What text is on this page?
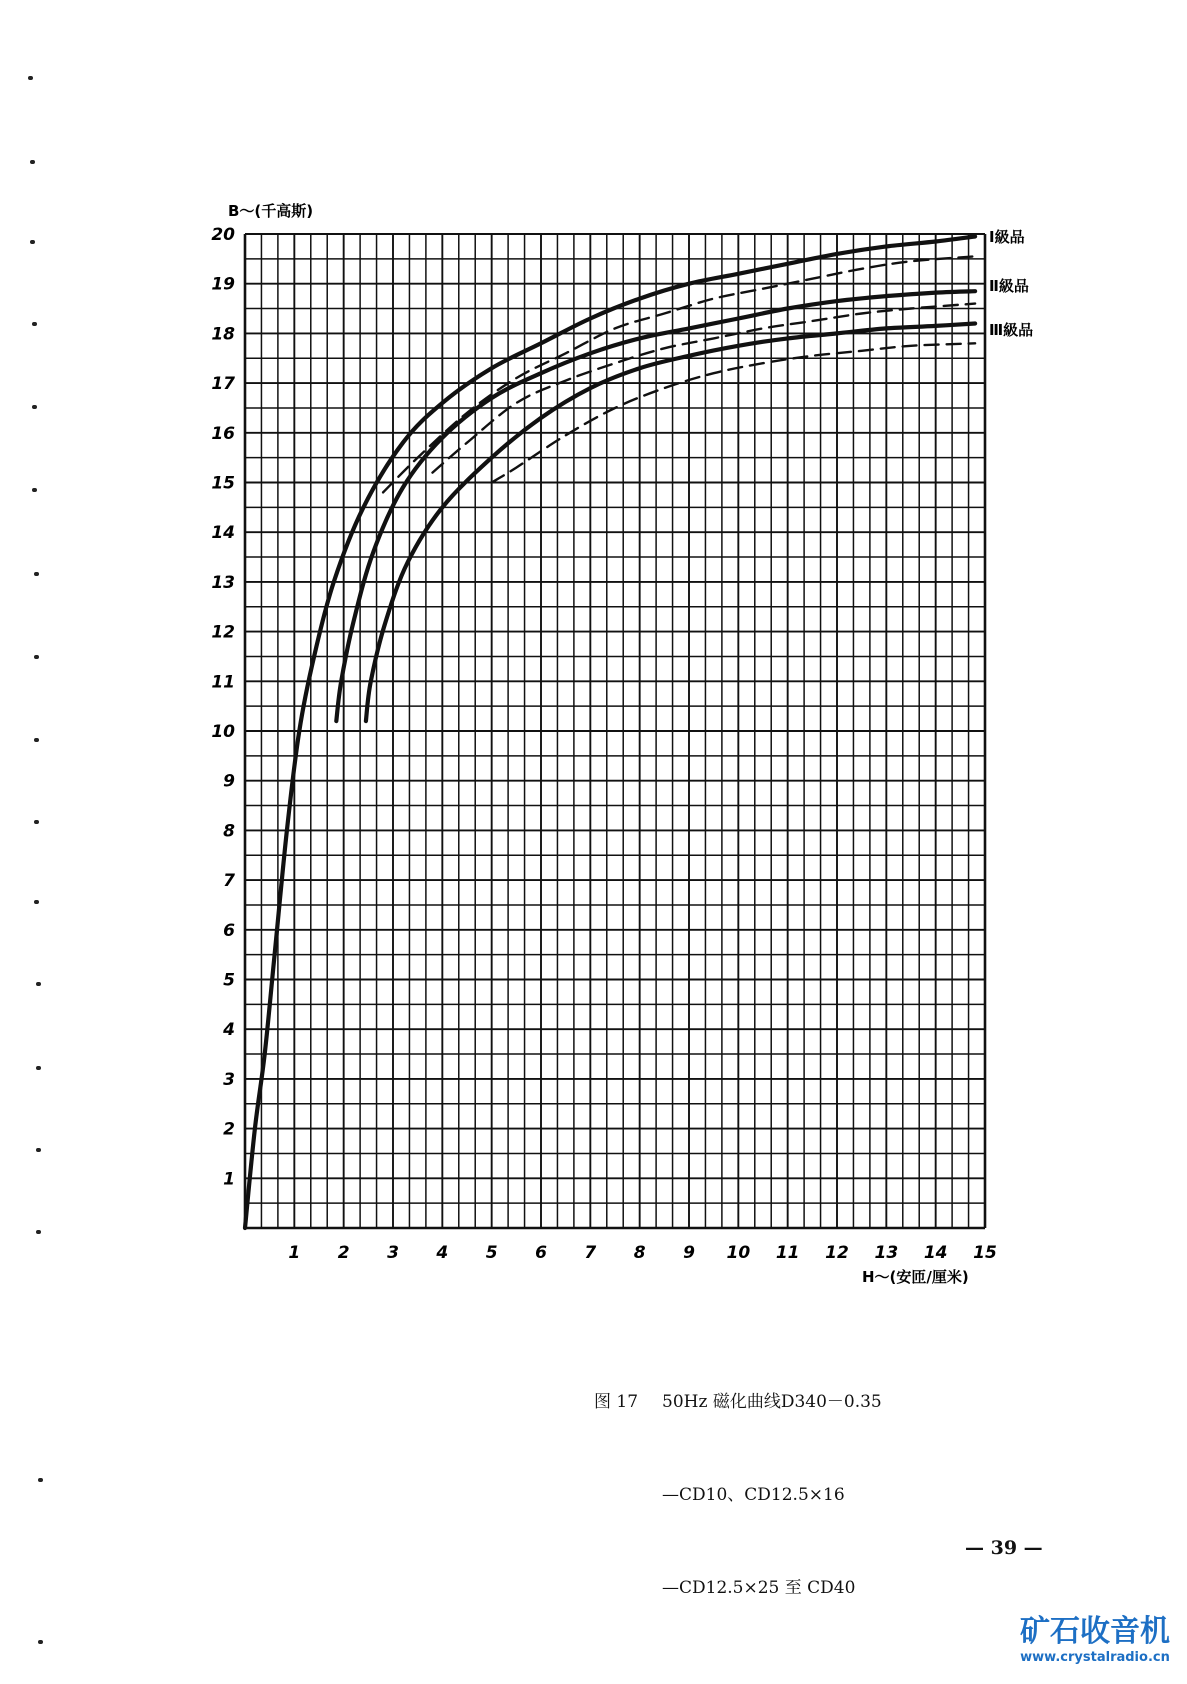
1
2
3
4
5
6
7
8
9
10
11
12
13
14
15
16
17
18
19
20
1 2 3 4 5 6 7 8 9 10 11 12 13 14 15
B～(千高斯)
H～(安匝/厘米)
Ⅰ級品
Ⅱ級品
Ⅲ級品

图 17 50Hz 磁化曲线D340－0.35

—CD10、CD12.5×16

—CD12.5×25 至 CD40

— 39 —
矿石收音机
www.crystalradio.cn
